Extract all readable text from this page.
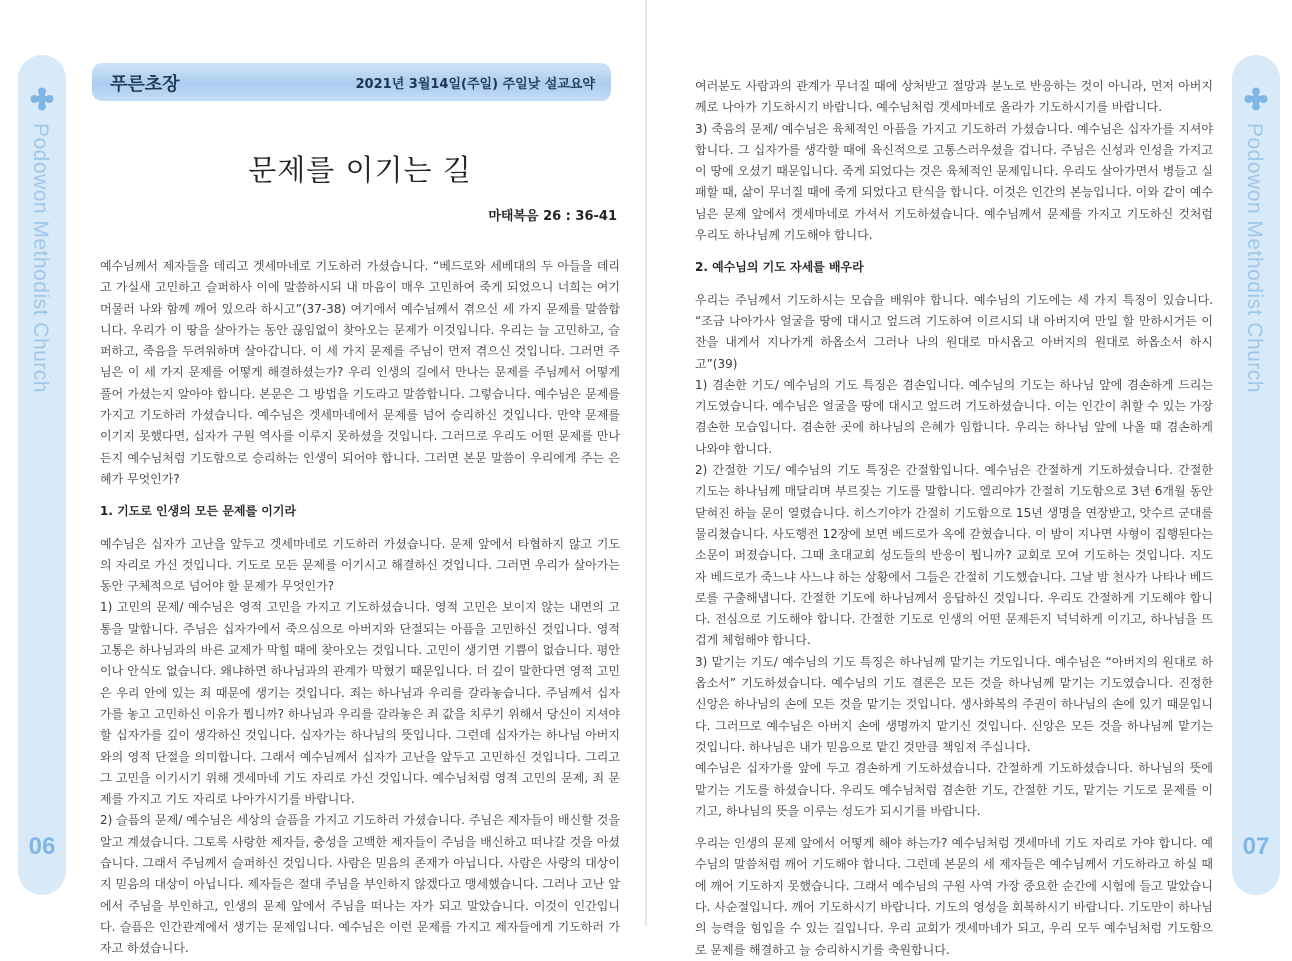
Podowon Methodist Church
06
푸른초장	2021년 3월14일(주일) 주일낮 설교요약
문제를 이기는 길
마태복음 26 : 36-41

예수님께서 제자들을 데리고 겟세마네로 기도하러 가셨습니다. “베드로와 세베대의 두 아들을 데리고 가실새 고민하고 슬퍼하사 이에 말씀하시되 내 마음이 매우 고민하여 죽게 되었으니 너희는 여기 머물러 나와 함께 깨어 있으라 하시고”(37-38) 여기에서 예수님께서 겪으신 세 가지 문제를 말씀합니다. 우리가 이 땅을 살아가는 동안 끊임없이 찾아오는 문제가 이것입니다. 우리는 늘 고민하고, 슬퍼하고, 죽음을 두려워하며 살아갑니다. 이 세 가지 문제를 주님이 먼저 겪으신 것입니다. 그러면 주님은 이 세 가지 문제를 어떻게 해결하셨는가? 우리 인생의 길에서 만나는 문제를 주님께서 어떻게 풀어 가셨는지 알아야 합니다. 본문은 그 방법을 기도라고 말씀합니다. 그렇습니다. 예수님은 문제를 가지고 기도하러 가셨습니다. 예수님은 겟세마네에서 문제를 넘어 승리하신 것입니다. 만약 문제를 이기지 못했다면, 십자가 구원 역사를 이루지 못하셨을 것입니다. 그러므로 우리도 어떤 문제를 만나든지 예수님처럼 기도함으로 승리하는 인생이 되어야 합니다. 그러면 본문 말씀이 우리에게 주는 은혜가 무엇인가?

1. 기도로 인생의 모든 문제를 이기라

예수님은 십자가 고난을 앞두고 겟세마네로 기도하러 가셨습니다. 문제 앞에서 타협하지 않고 기도의 자리로 가신 것입니다. 기도로 모든 문제를 이기시고 해결하신 것입니다. 그러면 우리가 살아가는 동안 구체적으로 넘어야 할 문제가 무엇인가?

1) 고민의 문제/ 예수님은 영적 고민을 가지고 기도하셨습니다. 영적 고민은 보이지 않는 내면의 고통을 말합니다. 주님은 십자가에서 죽으심으로 아버지와 단절되는 아픔을 고민하신 것입니다. 영적 고통은 하나님과의 바른 교제가 막힐 때에 찾아오는 것입니다. 고민이 생기면 기쁨이 없습니다. 평안이나 안식도 없습니다. 왜냐하면 하나님과의 관계가 막혔기 때문입니다. 더 깊이 말한다면 영적 고민은 우리 안에 있는 죄 때문에 생기는 것입니다. 죄는 하나님과 우리를 갈라놓습니다. 주님께서 십자가를 놓고 고민하신 이유가 뭡니까? 하나님과 우리를 갈라놓은 죄 값을 치루기 위해서 당신이 지셔야 할 십자가를 깊이 생각하신 것입니다. 십자가는 하나님의 뜻입니다. 그런데 십자가는 하나님 아버지와의 영적 단절을 의미합니다. 그래서 예수님께서 십자가 고난을 앞두고 고민하신 것입니다. 그리고 그 고민을 이기시기 위해 겟세마네 기도 자리로 가신 것입니다. 예수님처럼 영적 고민의 문제, 죄 문제를 가지고 기도 자리로 나아가시기를 바랍니다.

2) 슬픔의 문제/ 예수님은 세상의 슬픔을 가지고 기도하러 가셨습니다. 주님은 제자들이 배신할 것을 알고 계셨습니다. 그토록 사랑한 제자들, 충성을 고백한 제자들이 주님을 배신하고 떠나갈 것을 아셨습니다. 그래서 주님께서 슬퍼하신 것입니다. 사람은 믿음의 존재가 아닙니다. 사람은 사랑의 대상이지 믿음의 대상이 아닙니다. 제자들은 절대 주님을 부인하지 않겠다고 맹세했습니다. 그러나 고난 앞에서 주님을 부인하고, 인생의 문제 앞에서 주님을 떠나는 자가 되고 말았습니다. 이것이 인간입니다. 슬픔은 인간관계에서 생기는 문제입니다. 예수님은 이런 문제를 가지고 제자들에게 기도하러 가자고 하셨습니다.

여러분도 사람과의 관계가 무너질 때에 상처받고 절망과 분노로 반응하는 것이 아니라, 먼저 아버지께로 나아가 기도하시기 바랍니다. 예수님처럼 겟세마네로 올라가 기도하시기를 바랍니다.

3) 죽음의 문제/ 예수님은 육체적인 아픔을 가지고 기도하러 가셨습니다. 예수님은 십자가를 지셔야 합니다. 그 십자가를 생각할 때에 육신적으로 고통스러우셨을 겁니다. 주님은 신성과 인성을 가지고 이 땅에 오셨기 때문입니다. 죽게 되었다는 것은 육체적인 문제입니다. 우리도 살아가면서 병들고 실패할 때, 삶이 무너질 때에 죽게 되었다고 탄식을 합니다. 이것은 인간의 본능입니다. 이와 같이 예수님은 문제 앞에서 겟세마네로 가셔서 기도하셨습니다. 예수님께서 문제를 가지고 기도하신 것처럼 우리도 하나님께 기도해야 합니다.

2. 예수님의 기도 자세를 배우라

우리는 주님께서 기도하시는 모습을 배워야 합니다. 예수님의 기도에는 세 가지 특징이 있습니다. “조금 나아가사 얼굴을 땅에 대시고 엎드려 기도하여 이르시되 내 아버지여 만일 할 만하시거든 이 잔을 내게서 지나가게 하옵소서 그러나 나의 원대로 마시옵고 아버지의 원대로 하옵소서 하시고”(39)

1) 겸손한 기도/ 예수님의 기도 특징은 겸손입니다. 예수님의 기도는 하나님 앞에 겸손하게 드리는 기도였습니다. 예수님은 얼굴을 땅에 대시고 엎드려 기도하셨습니다. 이는 인간이 취할 수 있는 가장 겸손한 모습입니다. 겸손한 곳에 하나님의 은혜가 임합니다. 우리는 하나님 앞에 나올 때 겸손하게 나와야 합니다.

2) 간절한 기도/ 예수님의 기도 특징은 간절함입니다. 예수님은 간절하게 기도하셨습니다. 간절한 기도는 하나님께 매달리며 부르짖는 기도를 말합니다. 엘리야가 간절히 기도함으로 3년 6개월 동안 닫혀진 하늘 문이 열렸습니다. 히스기야가 간절히 기도함으로 15년 생명을 연장받고, 앗수르 군대를 물리쳤습니다. 사도행전 12장에 보면 베드로가 옥에 갇혔습니다. 이 밤이 지나면 사형이 집행된다는 소문이 퍼졌습니다. 그때 초대교회 성도들의 반응이 뭡니까? 교회로 모여 기도하는 것입니다. 지도자 베드로가 죽느냐 사느냐 하는 상황에서 그들은 간절히 기도했습니다. 그날 밤 천사가 나타나 베드로를 구출해냅니다. 간절한 기도에 하나님께서 응답하신 것입니다. 우리도 간절하게 기도해야 합니다. 전심으로 기도해야 합니다. 간절한 기도로 인생의 어떤 문제든지 넉넉하게 이기고, 하나님을 뜨겁게 체험해야 합니다.

3) 맡기는 기도/ 예수님의 기도 특징은 하나님께 맡기는 기도입니다. 예수님은 “아버지의 원대로 하옵소서” 기도하셨습니다. 예수님의 기도 결론은 모든 것을 하나님께 맡기는 기도였습니다. 진정한 신앙은 하나님의 손에 모든 것을 맡기는 것입니다. 생사화복의 주권이 하나님의 손에 있기 때문입니다. 그러므로 예수님은 아버지 손에 생명까지 맡기신 것입니다. 신앙은 모든 것을 하나님께 맡기는 것입니다. 하나님은 내가 믿음으로 맡긴 것만큼 책임져 주십니다.

예수님은 십자가를 앞에 두고 겸손하게 기도하셨습니다. 간절하게 기도하셨습니다. 하나님의 뜻에 맡기는 기도를 하셨습니다. 우리도 예수님처럼 겸손한 기도, 간절한 기도, 맡기는 기도로 문제를 이기고, 하나님의 뜻을 이루는 성도가 되시기를 바랍니다.

우리는 인생의 문제 앞에서 어떻게 해야 하는가? 예수님처럼 겟세마네 기도 자리로 가야 합니다. 예수님의 말씀처럼 깨어 기도해야 합니다. 그런데 본문의 세 제자들은 예수님께서 기도하라고 하실 때에 깨어 기도하지 못했습니다. 그래서 예수님의 구원 사역 가장 중요한 순간에 시험에 들고 말았습니다. 사순절입니다. 깨어 기도하시기 바랍니다. 기도의 영성을 회복하시기 바랍니다. 기도만이 하나님의 능력을 힘입을 수 있는 길입니다. 우리 교회가 겟세마네가 되고, 우리 모두 예수님처럼 기도함으로 문제를 해결하고 늘 승리하시기를 축원합니다.

Podowon Methodist Church
07
